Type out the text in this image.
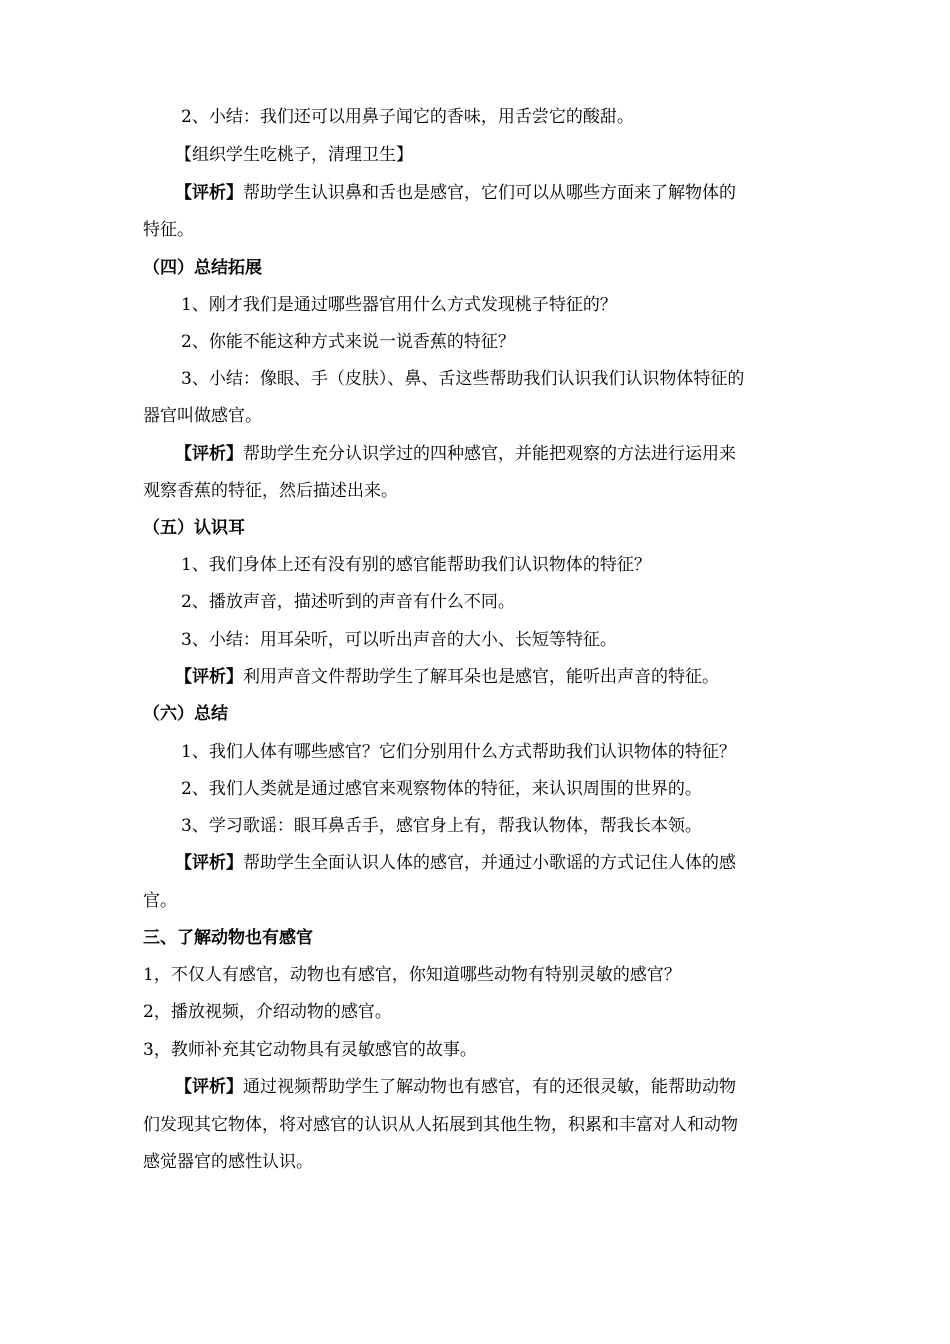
2、小结：我们还可以用鼻子闻它的香味，用舌尝它的酸甜。
【组织学生吃桃子，清理卫生】
【评析】帮助学生认识鼻和舌也是感官，它们可以从哪些方面来了解物体的
特征。
（四）总结拓展
1、刚才我们是通过哪些器官用什么方式发现桃子特征的？
2、你能不能这种方式来说一说香蕉的特征？
3、小结：像眼、手（皮肤）、鼻、舌这些帮助我们认识我们认识物体特征的
器官叫做感官。
【评析】帮助学生充分认识学过的四种感官，并能把观察的方法进行运用来
观察香蕉的特征，然后描述出来。
（五）认识耳
1、我们身体上还有没有别的感官能帮助我们认识物体的特征？
2、播放声音，描述听到的声音有什么不同。
3、小结：用耳朵听，可以听出声音的大小、长短等特征。
【评析】利用声音文件帮助学生了解耳朵也是感官，能听出声音的特征。
（六）总结
1、我们人体有哪些感官？它们分别用什么方式帮助我们认识物体的特征？
2、我们人类就是通过感官来观察物体的特征，来认识周围的世界的。
3、学习歌谣：眼耳鼻舌手，感官身上有，帮我认物体，帮我长本领。
【评析】帮助学生全面认识人体的感官，并通过小歌谣的方式记住人体的感
官。
三、了解动物也有感官
1，不仅人有感官，动物也有感官，你知道哪些动物有特别灵敏的感官？
2，播放视频，介绍动物的感官。
3，教师补充其它动物具有灵敏感官的故事。
【评析】通过视频帮助学生了解动物也有感官，有的还很灵敏，能帮助动物
们发现其它物体，将对感官的认识从人拓展到其他生物，积累和丰富对人和动物
感觉器官的感性认识。
